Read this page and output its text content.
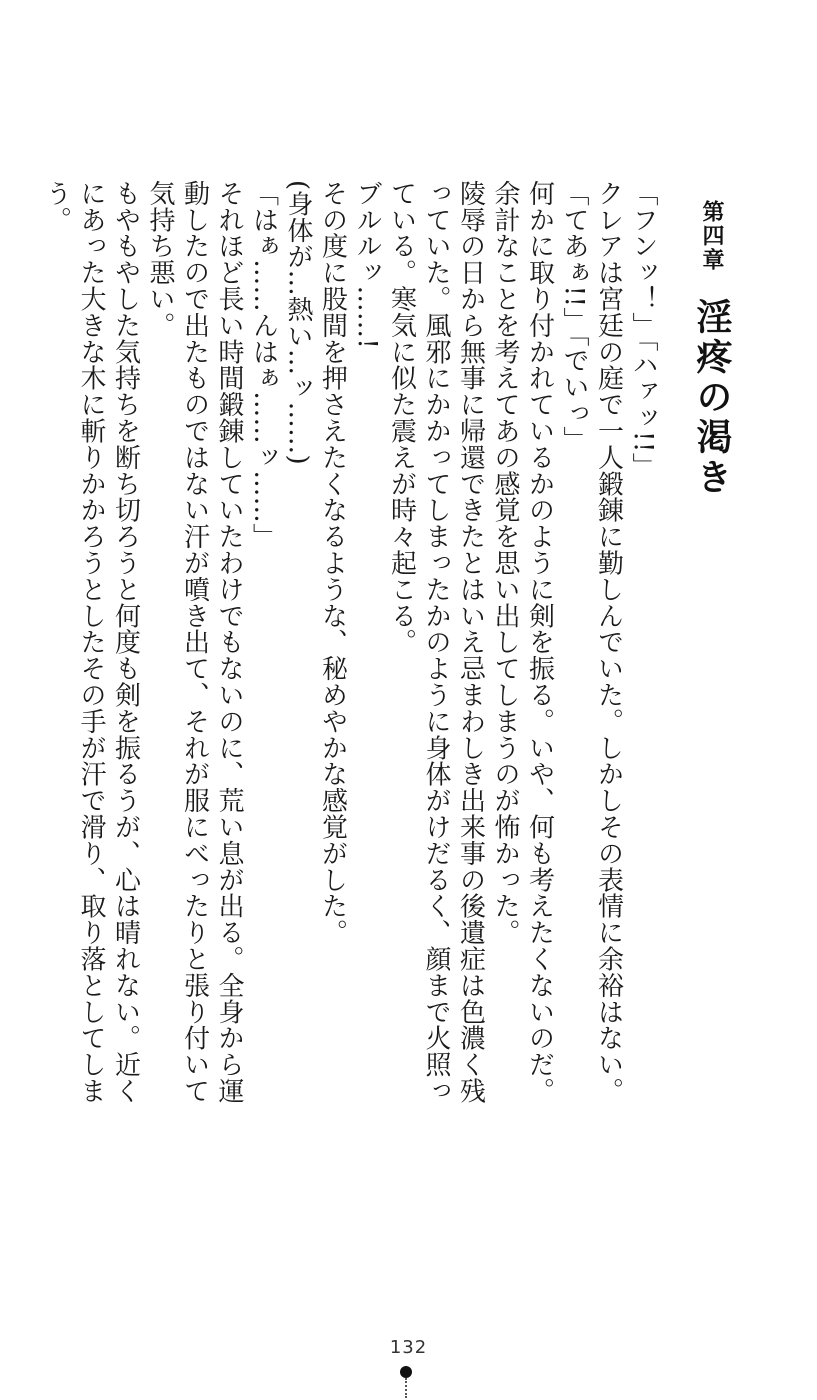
第四章 淫疼の渇き

「フンッ！」「ハァッ!!」

クレアは宮廷の庭で一人鍛錬に勤しんでいた。しかしその表情に余裕はない。

「てあぁ!!」「でいっ」

何かに取り付かれているかのように剣を振る。いや、何も考えたくないのだ。余計なことを考えてあの感覚を思い出してしまうのが怖かった。

陵辱の日から無事に帰還できたとはいえ忌まわしき出来事の後遺症は色濃く残っていた。風邪にかかってしまったかのように身体がけだるく、顔まで火照っている。寒気に似た震えが時々起こる。

ブルルッ……!

その度に股間を押さえたくなるような、秘めやかな感覚がした。

(身体が…熱い…ッ……)

「はぁ……んはぁ……ッ……」

それほど長い時間鍛錬していたわけでもないのに、荒い息が出る。全身から運動したので出たものではない汗が噴き出て、それが服にべったりと張り付いて気持ち悪い。

もやもやした気持ちを断ち切ろうと何度も剣を振るうが、心は晴れない。近くにあった大きな木に斬りかかろうとしたその手が汗で滑り、取り落としてしまう。

132
